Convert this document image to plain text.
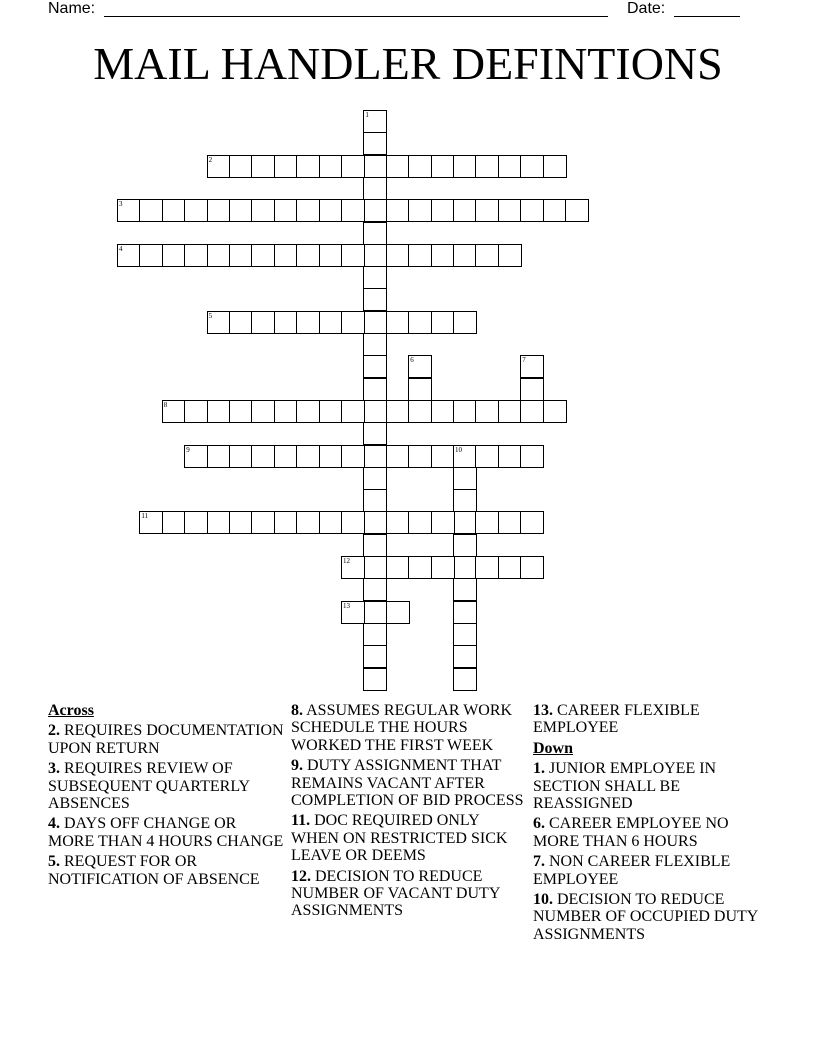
Name:	Date:
MAIL HANDLER DEFINTIONS
1
2
3
4
5
6	7
8
9	10
11
12
13
Across
2. REQUIRES DOCUMENTATION UPON RETURN
3. REQUIRES REVIEW OF SUBSEQUENT QUARTERLY ABSENCES
4. DAYS OFF CHANGE OR MORE THAN 4 HOURS CHANGE
5. REQUEST FOR OR NOTIFICATION OF ABSENCE
8. ASSUMES REGULAR WORK SCHEDULE THE HOURS WORKED THE FIRST WEEK
9. DUTY ASSIGNMENT THAT REMAINS VACANT AFTER COMPLETION OF BID PROCESS
11. DOC REQUIRED ONLY WHEN ON RESTRICTED SICK LEAVE OR DEEMS
12. DECISION TO REDUCE NUMBER OF VACANT DUTY ASSIGNMENTS
13. CAREER FLEXIBLE EMPLOYEE
Down
1. JUNIOR EMPLOYEE IN SECTION SHALL BE REASSIGNED
6. CAREER EMPLOYEE NO MORE THAN 6 HOURS
7. NON CAREER FLEXIBLE EMPLOYEE
10. DECISION TO REDUCE NUMBER OF OCCUPIED DUTY ASSIGNMENTS
